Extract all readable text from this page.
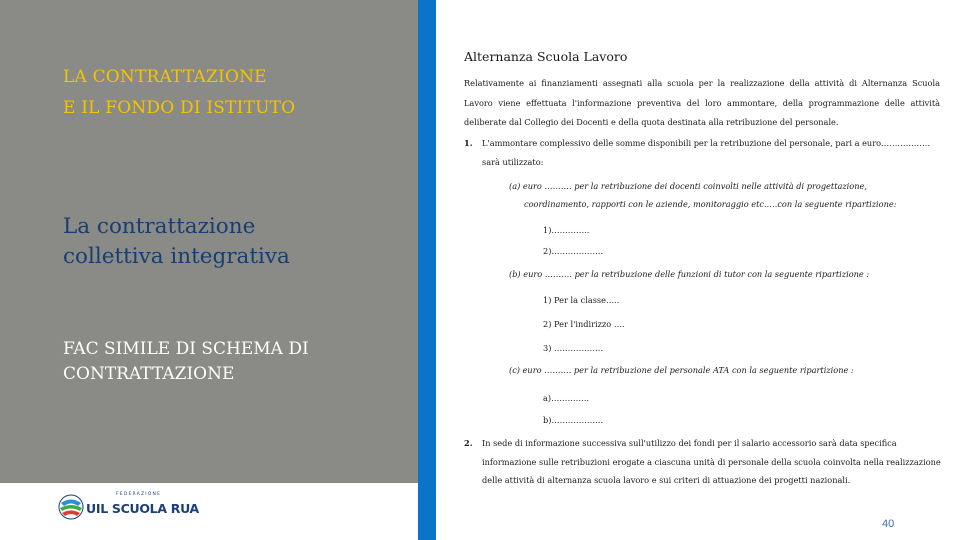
LA CONTRATTAZIONE
E IL FONDO DI ISTITUTO
La contrattazione
collettiva integrativa
FAC SIMILE DI SCHEMA DI
CONTRATTAZIONE
FEDERAZIONE
UIL SCUOLA RUA
Alternanza Scuola Lavoro
Relativamente ai finanziamenti assegnati alla scuola per la realizzazione della attività di Alternanza Scuola Lavoro viene effettuata l'informazione preventiva del loro ammontare, della programmazione delle attività deliberate dal Collegio dei Docenti e della quota destinata alla retribuzione del personale.
1. L'ammontare complessivo delle somme disponibili per la retribuzione del personale, pari a euro……………… sarà utilizzato:
(a) euro ………. per la retribuzione dei docenti coinvolti nelle attività di progettazione,
coordinamento, rapporti con le aziende, monitoraggio etc.….con la seguente ripartizione:
1)…………..
2)……………….
(b) euro ………. per la retribuzione delle funzioni di tutor con la seguente ripartizione :
1) Per la classe…..
2) Per l'indirizzo ….
3) ………………
(c) euro ………. per la retribuzione del personale ATA con la seguente ripartizione :
a)…………..
b)……………….
2. In sede di informazione successiva sull'utilizzo dei fondi per il salario accessorio sarà data specifica informazione sulle retribuzioni erogate a ciascuna unità di personale della scuola coinvolta nella realizzazione delle attività di alternanza scuola lavoro e sui criteri di attuazione dei progetti nazionali.
40
